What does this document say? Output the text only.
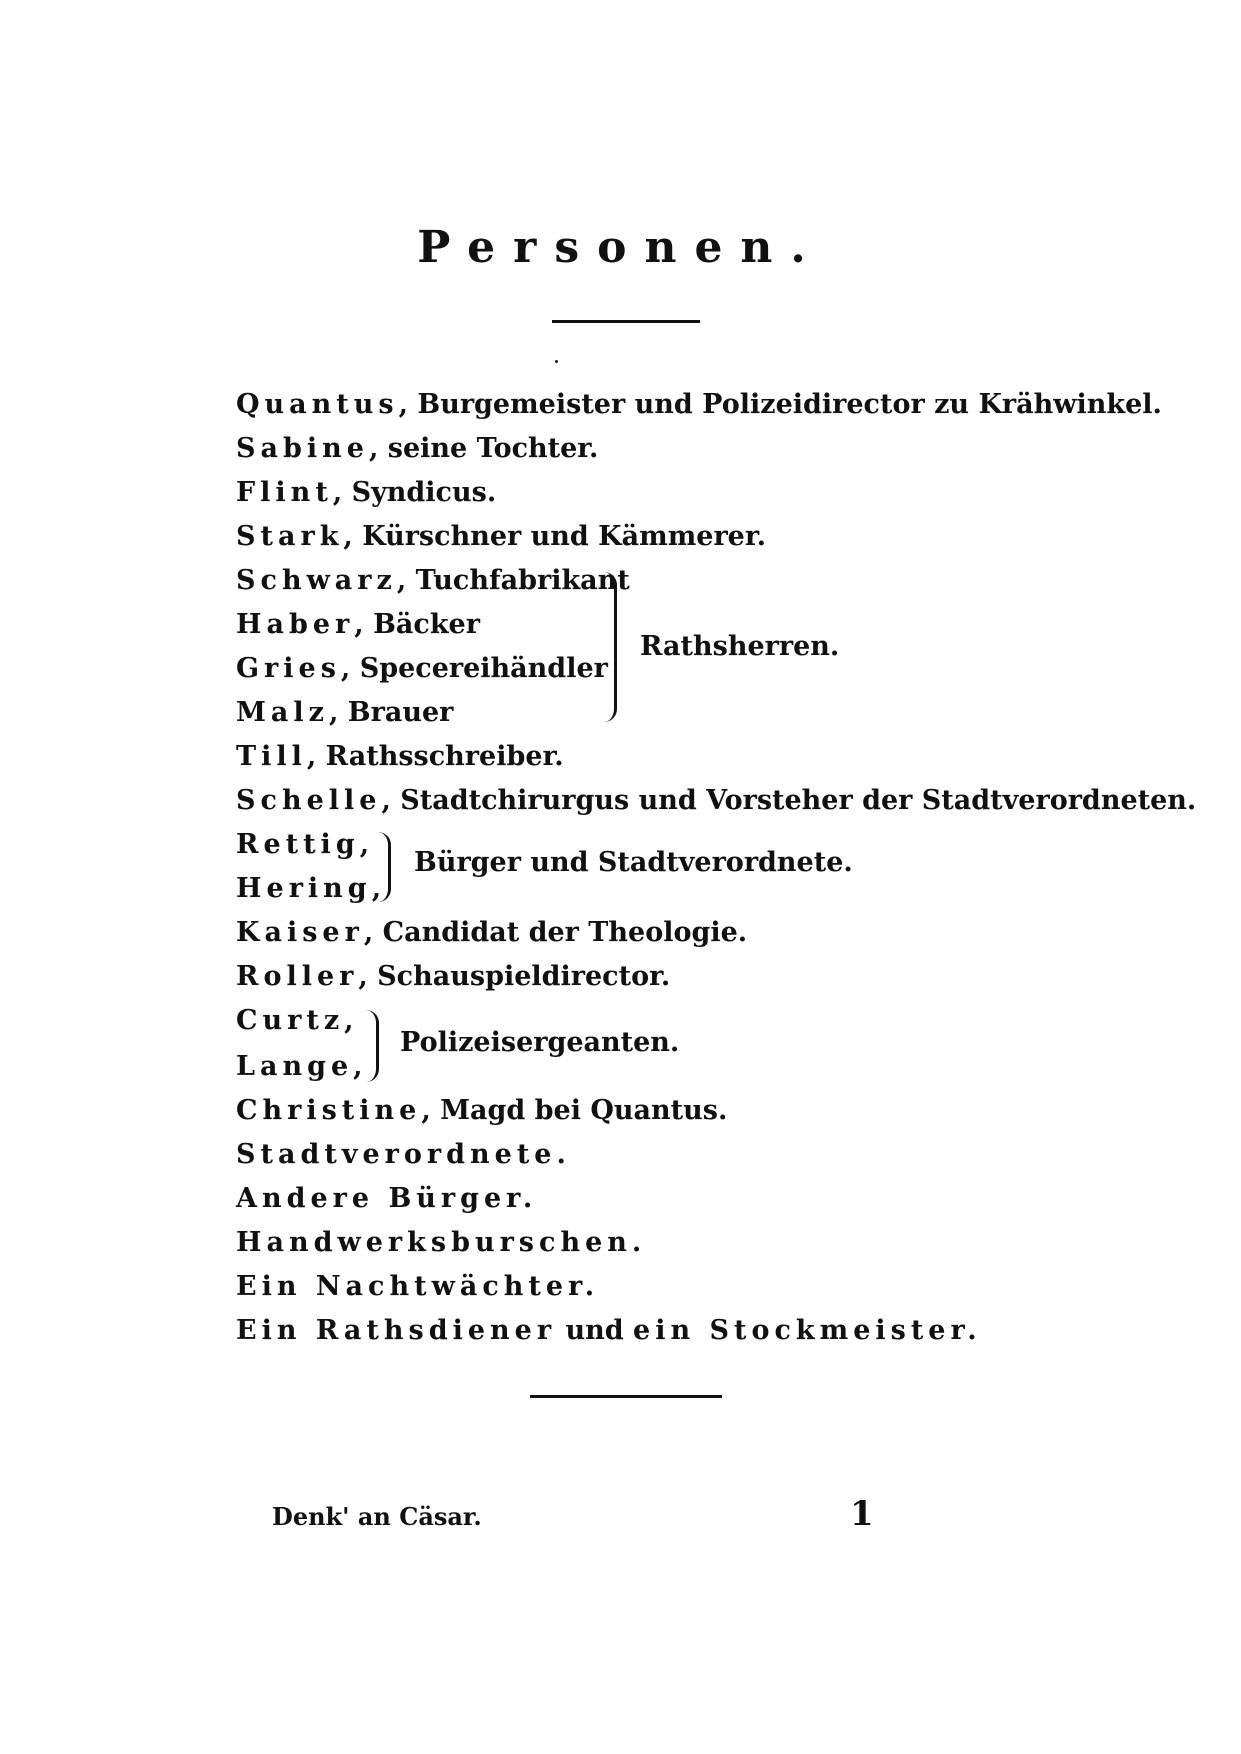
Personen.
Quantus, Burgemeister und Polizeidirector zu Krähwinkel.
Sabine, seine Tochter.
Flint, Syndicus.
Stark, Kürschner und Kämmerer.
Schwarz, Tuchfabrikant
Haber, Bäcker
Gries, Specereihändler
Malz, Brauer
Rathsherren.
Till, Rathsschreiber.
Schelle, Stadtchirurgus und Vorsteher der Stadtverordneten.
Rettig,
Hering,
Bürger und Stadtverordnete.
Kaiser, Candidat der Theologie.
Roller, Schauspieldirector.
Curtz,
Lange,
Polizeisergeanten.
Christine, Magd bei Quantus.
Stadtverordnete.
Andere Bürger.
Handwerksburschen.
Ein Nachtwächter.
Ein Rathsdiener und ein Stockmeister.
Denk' an Cäsar.	1
